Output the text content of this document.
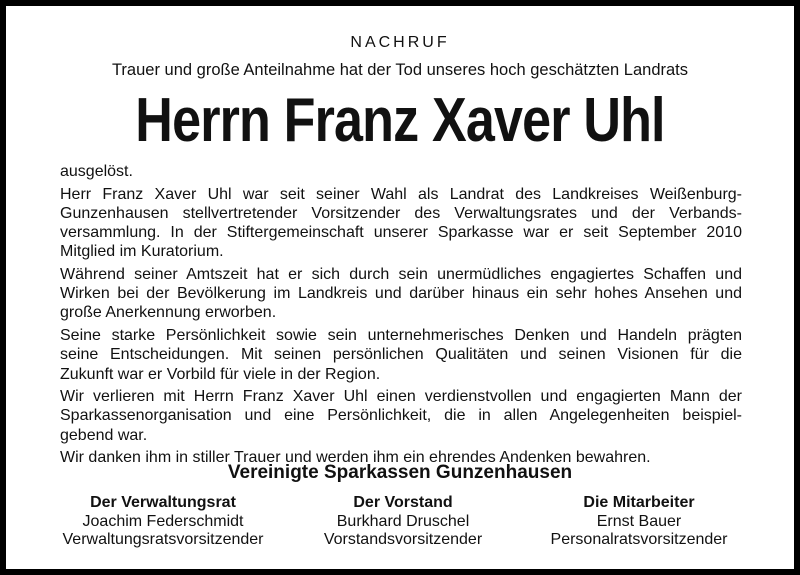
NACHRUF
Trauer und große Anteilnahme hat der Tod unseres hoch geschätzten Landrats
Herrn Franz Xaver Uhl
ausgelöst.
Herr Franz Xaver Uhl war seit seiner Wahl als Landrat des Landkreises Weißenburg-
Gunzenhausen stellvertretender Vorsitzender des Verwaltungsrates und der Verbands-
versammlung. In der Stiftergemeinschaft unserer Sparkasse war er seit September 2010
Mitglied im Kuratorium.
Während seiner Amtszeit hat er sich durch sein unermüdliches engagiertes Schaffen und
Wirken bei der Bevölkerung im Landkreis und darüber hinaus ein sehr hohes Ansehen und
große Anerkennung erworben.
Seine starke Persönlichkeit sowie sein unternehmerisches Denken und Handeln prägten
seine Entscheidungen. Mit seinen persönlichen Qualitäten und seinen Visionen für die
Zukunft war er Vorbild für viele in der Region.
Wir verlieren mit Herrn Franz Xaver Uhl einen verdienstvollen und engagierten Mann der
Sparkassenorganisation und eine Persönlichkeit, die in allen Angelegenheiten beispiel-
gebend war.
Wir danken ihm in stiller Trauer und werden ihm ein ehrendes Andenken bewahren.
Vereinigte Sparkassen Gunzenhausen
Der Verwaltungsrat
Joachim Federschmidt
Verwaltungsratsvorsitzender
Der Vorstand
Burkhard Druschel
Vorstandsvorsitzender
Die Mitarbeiter
Ernst Bauer
Personalratsvorsitzender
